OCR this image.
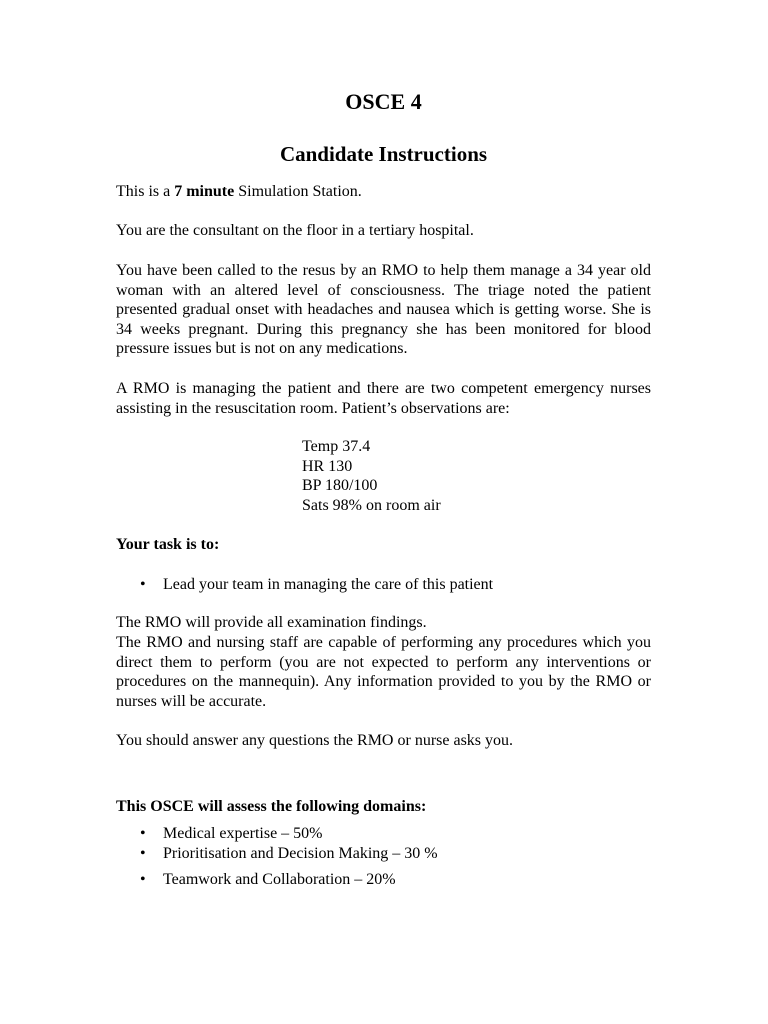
OSCE 4
Candidate Instructions

This is a 7 minute Simulation Station.

You are the consultant on the floor in a tertiary hospital.

You have been called to the resus by an RMO to help them manage a 34 year old woman with an altered level of consciousness. The triage noted the patient presented gradual onset with headaches and nausea which is getting worse. She is 34 weeks pregnant. During this pregnancy she has been monitored for blood pressure issues but is not on any medications.

A RMO is managing the patient and there are two competent emergency nurses assisting in the resuscitation room. Patient’s observations are:

Temp 37.4
HR 130
BP 180/100
Sats 98% on room air

Your task is to:

• Lead your team in managing the care of this patient

The RMO will provide all examination findings.

The RMO and nursing staff are capable of performing any procedures which you direct them to perform (you are not expected to perform any interventions or procedures on the mannequin). Any information provided to you by the RMO or nurses will be accurate.

You should answer any questions the RMO or nurse asks you.

This OSCE will assess the following domains:

• Medical expertise – 50%
• Prioritisation and Decision Making – 30 %
• Teamwork and Collaboration – 20%
